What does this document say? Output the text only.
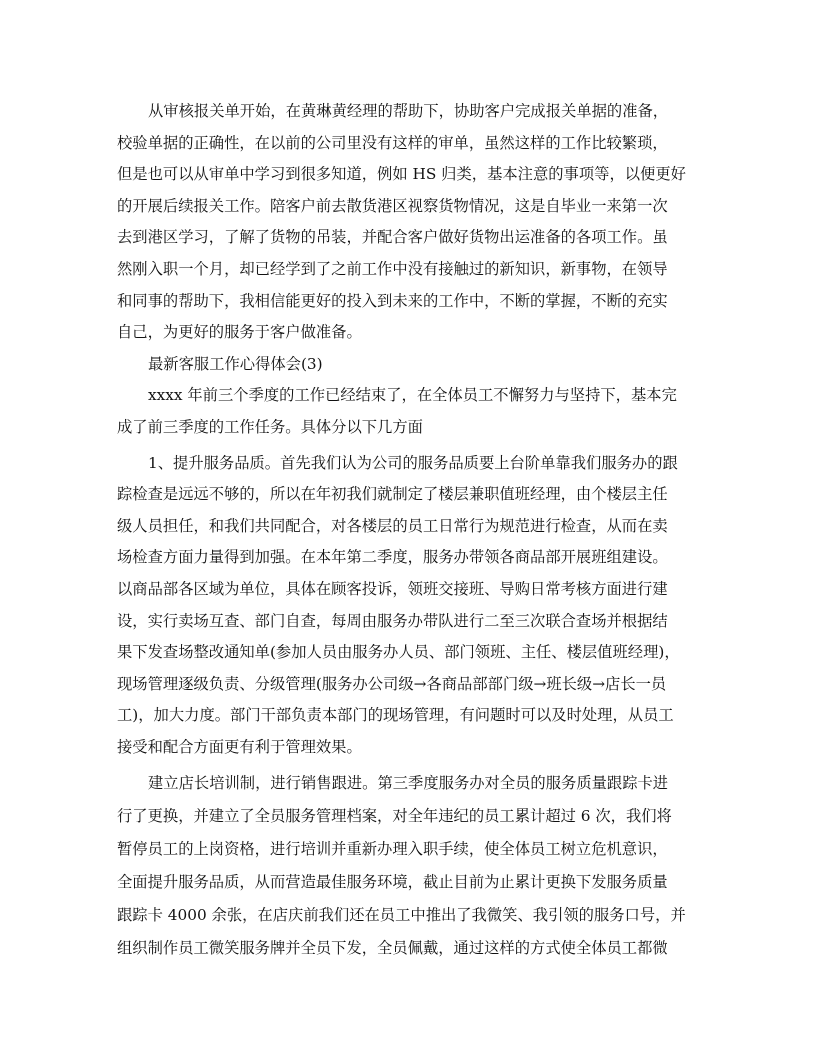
从审核报关单开始，在黄琳黄经理的帮助下，协助客户完成报关单据的准备，
校验单据的正确性，在以前的公司里没有这样的审单，虽然这样的工作比较繁琐，
但是也可以从审单中学习到很多知道，例如 HS 归类，基本注意的事项等，以便更好
的开展后续报关工作。陪客户前去散货港区视察货物情况，这是自毕业一来第一次
去到港区学习，了解了货物的吊装，并配合客户做好货物出运准备的各项工作。虽
然刚入职一个月，却已经学到了之前工作中没有接触过的新知识，新事物，在领导
和同事的帮助下，我相信能更好的投入到未来的工作中，不断的掌握，不断的充实
自己，为更好的服务于客户做准备。
最新客服工作心得体会(3)
xxxx 年前三个季度的工作已经结束了，在全体员工不懈努力与坚持下，基本完
成了前三季度的工作任务。具体分以下几方面
1、提升服务品质。首先我们认为公司的服务品质要上台阶单靠我们服务办的跟
踪检查是远远不够的，所以在年初我们就制定了楼层兼职值班经理，由个楼层主任
级人员担任，和我们共同配合，对各楼层的员工日常行为规范进行检查，从而在卖
场检查方面力量得到加强。在本年第二季度，服务办带领各商品部开展班组建设。
以商品部各区域为单位，具体在顾客投诉，领班交接班、导购日常考核方面进行建
设，实行卖场互查、部门自查，每周由服务办带队进行二至三次联合查场并根据结
果下发查场整改通知单(参加人员由服务办人员、部门领班、主任、楼层值班经理)，
现场管理逐级负责、分级管理(服务办公司级→各商品部部门级→班长级→店长一员
工)，加大力度。部门干部负责本部门的现场管理，有问题时可以及时处理，从员工
接受和配合方面更有利于管理效果。
建立店长培训制，进行销售跟进。第三季度服务办对全员的服务质量跟踪卡进
行了更换，并建立了全员服务管理档案，对全年违纪的员工累计超过 6 次，我们将
暂停员工的上岗资格，进行培训并重新办理入职手续，使全体员工树立危机意识，
全面提升服务品质，从而营造最佳服务环境，截止目前为止累计更换下发服务质量
跟踪卡 4000 余张，在店庆前我们还在员工中推出了我微笑、我引领的服务口号，并
组织制作员工微笑服务牌并全员下发，全员佩戴，通过这样的方式使全体员工都微
